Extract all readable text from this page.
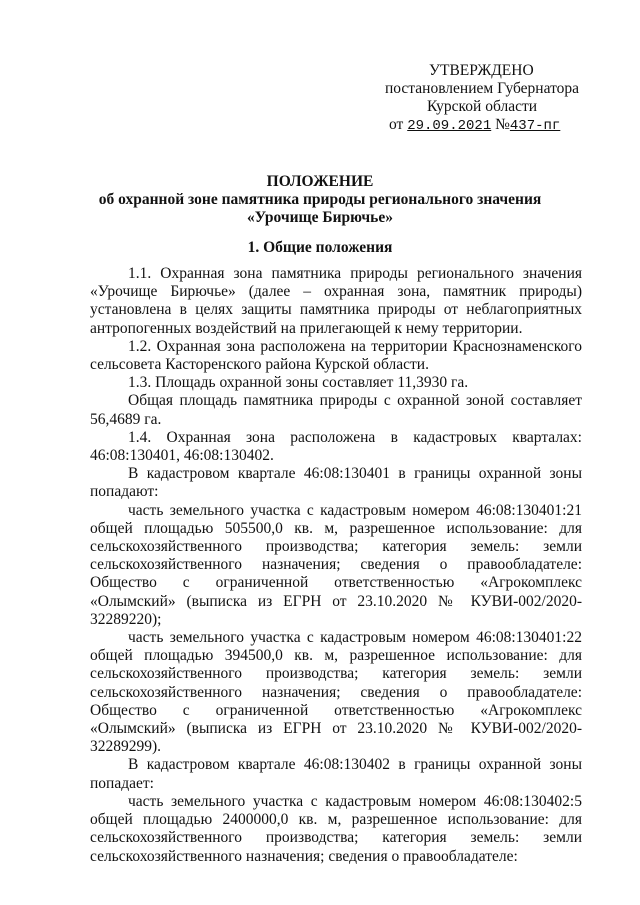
УТВЕРЖДЕНО
постановлением Губернатора
Курской области
от 29.09.2021 №437-пг
ПОЛОЖЕНИЕ
об охранной зоне памятника природы регионального значения
«Урочище Бирючье»
1. Общие положения

1.1. Охранная зона памятника природы регионального значения «Урочище Бирючье» (далее – охранная зона, памятник природы) установлена в целях защиты памятника природы от неблагоприятных антропогенных воздействий на прилегающей к нему территории.

1.2. Охранная зона расположена на территории Краснознаменского сельсовета Касторенского района Курской области.

1.3. Площадь охранной зоны составляет 11,3930 га.

Общая площадь памятника природы с охранной зоной составляет 56,4689 га.

1.4. Охранная зона расположена в кадастровых кварталах: 46:08:130401, 46:08:130402.

В кадастровом квартале 46:08:130401 в границы охранной зоны попадают:

часть земельного участка с кадастровым номером 46:08:130401:21 общей площадью 505500,0 кв. м, разрешенное использование: для сельскохозяйственного производства; категория земель: земли сельскохозяйственного назначения; сведения о правообладателе: Общество с ограниченной ответственностью «Агрокомплекс «Олымский» (выписка из ЕГРН от 23.10.2020 № КУВИ-002/2020-32289220);

часть земельного участка с кадастровым номером 46:08:130401:22 общей площадью 394500,0 кв. м, разрешенное использование: для сельскохозяйственного производства; категория земель: земли сельскохозяйственного назначения; сведения о правообладателе: Общество с ограниченной ответственностью «Агрокомплекс «Олымский» (выписка из ЕГРН от 23.10.2020 № КУВИ-002/2020-32289299).

В кадастровом квартале 46:08:130402 в границы охранной зоны попадает:

часть земельного участка с кадастровым номером 46:08:130402:5 общей площадью 2400000,0 кв. м, разрешенное использование: для сельскохозяйственного производства; категория земель: земли сельскохозяйственного назначения; сведения о правообладателе:
